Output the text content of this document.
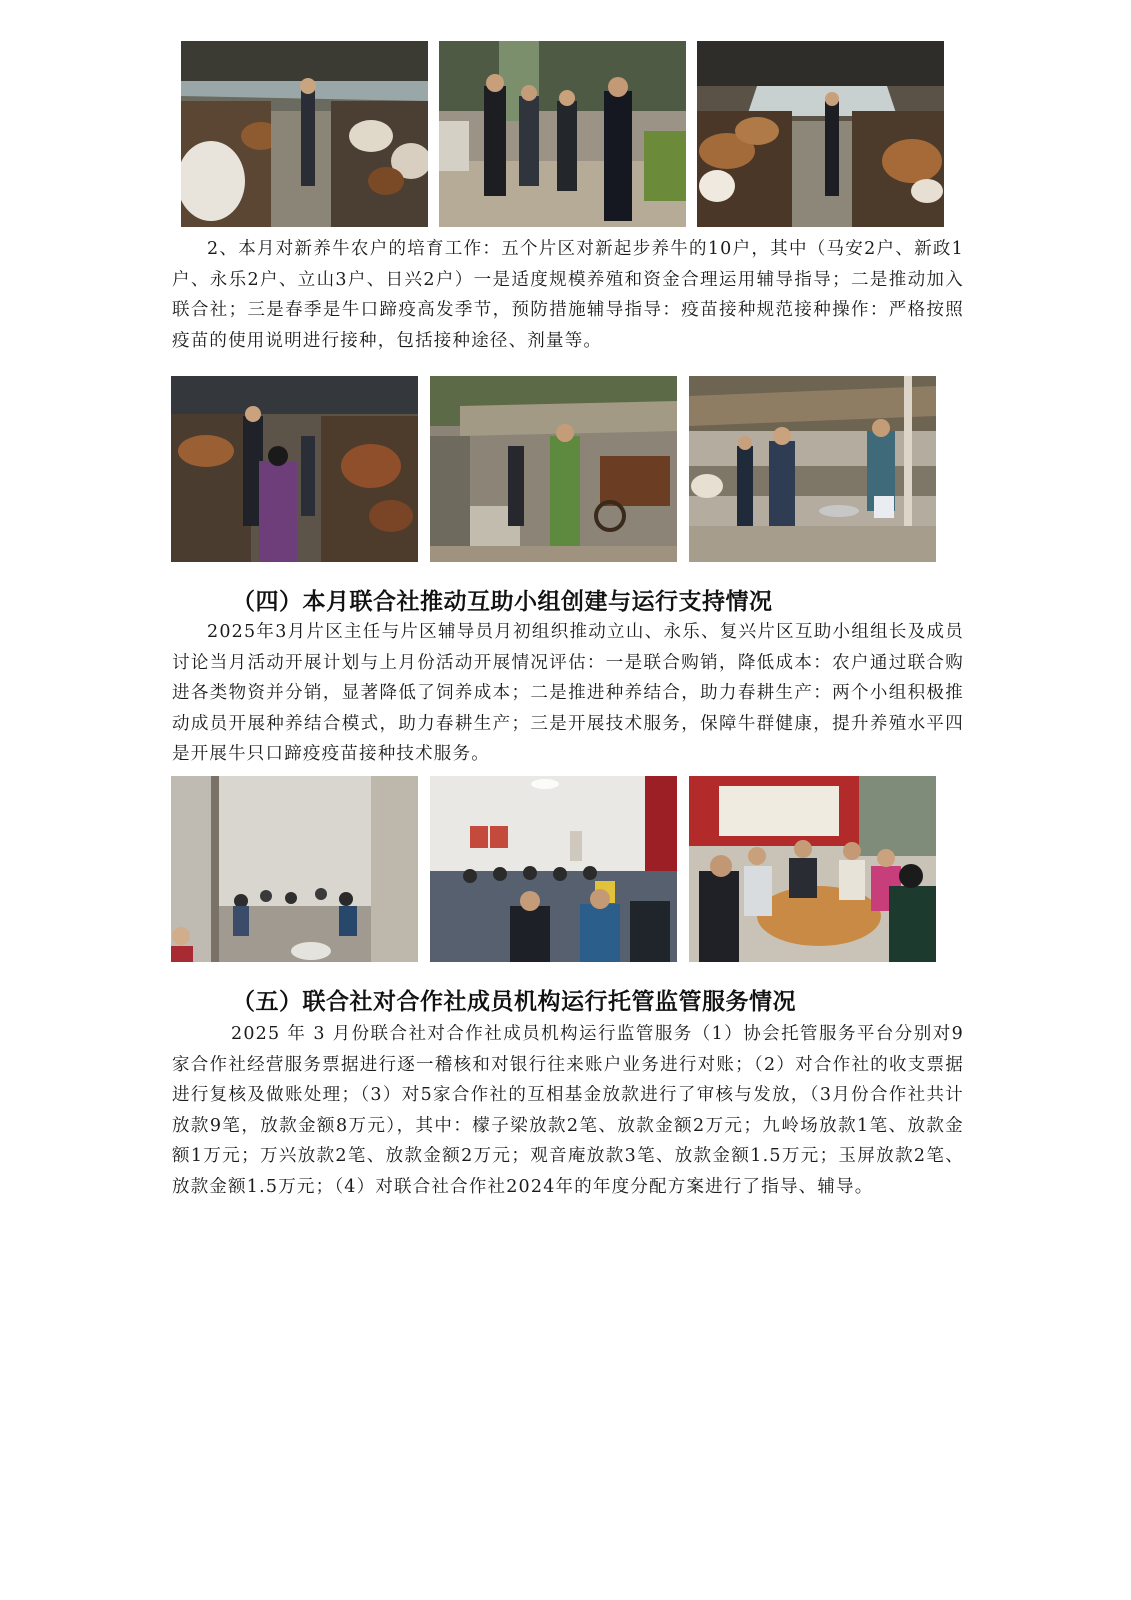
2、本月对新养牛农户的培育工作：五个片区对新起步养牛的10户，其中（马安2户、新政1户、永乐2户、立山3户、日兴2户）一是适度规模养殖和资金合理运用辅导指导；二是推动加入联合社；三是春季是牛口蹄疫高发季节，预防措施辅导指导：疫苗接种规范接种操作：严格按照疫苗的使用说明进行接种，包括接种途径、剂量等。

（四）本月联合社推动互助小组创建与运行支持情况

2025年3月片区主任与片区辅导员月初组织推动立山、永乐、复兴片区互助小组组长及成员讨论当月活动开展计划与上月份活动开展情况评估：一是联合购销，降低成本：农户通过联合购进各类物资并分销，显著降低了饲养成本；二是推进种养结合，助力春耕生产：两个小组积极推动成员开展种养结合模式，助力春耕生产；三是开展技术服务，保障牛群健康，提升养殖水平四是开展牛只口蹄疫疫苗接种技术服务。

（五）联合社对合作社成员机构运行托管监管服务情况

2025 年 3 月份联合社对合作社成员机构运行监管服务（1）协会托管服务平台分别对9家合作社经营服务票据进行逐一稽核和对银行往来账户业务进行对账；（2）对合作社的收支票据进行复核及做账处理；（3）对5家合作社的互相基金放款进行了审核与发放，（3月份合作社共计放款9笔，放款金额8万元），其中：檬子梁放款2笔、放款金额2万元；九岭场放款1笔、放款金额1万元；万兴放款2笔、放款金额2万元；观音庵放款3笔、放款金额1.5万元；玉屏放款2笔、放款金额1.5万元；（4）对联合社合作社2024年的年度分配方案进行了指导、辅导。
